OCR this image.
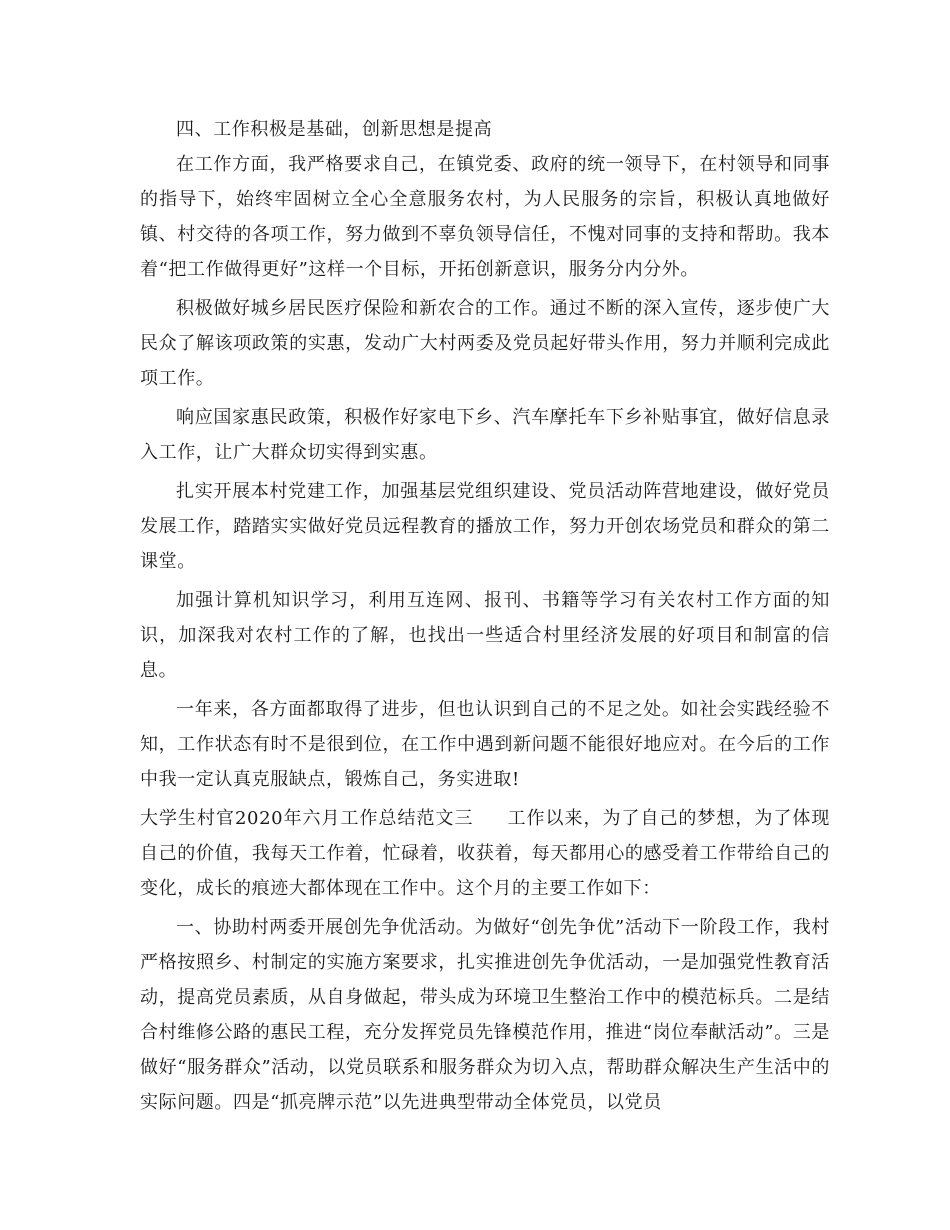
四、工作积极是基础，创新思想是提高

在工作方面，我严格要求自己，在镇党委、政府的统一领导下，在村领导和同事的指导下，始终牢固树立全心全意服务农村，为人民服务的宗旨，积极认真地做好镇、村交待的各项工作，努力做到不辜负领导信任，不愧对同事的支持和帮助。我本着“把工作做得更好”这样一个目标，开拓创新意识，服务分内分外。

积极做好城乡居民医疗保险和新农合的工作。通过不断的深入宣传，逐步使广大民众了解该项政策的实惠，发动广大村两委及党员起好带头作用，努力并顺利完成此项工作。

响应国家惠民政策，积极作好家电下乡、汽车摩托车下乡补贴事宜，做好信息录入工作，让广大群众切实得到实惠。

扎实开展本村党建工作，加强基层党组织建设、党员活动阵营地建设，做好党员发展工作，踏踏实实做好党员远程教育的播放工作，努力开创农场党员和群众的第二课堂。

加强计算机知识学习，利用互连网、报刊、书籍等学习有关农村工作方面的知识，加深我对农村工作的了解，也找出一些适合村里经济发展的好项目和制富的信息。

一年来，各方面都取得了进步，但也认识到自己的不足之处。如社会实践经验不知，工作状态有时不是很到位，在工作中遇到新问题不能很好地应对。在今后的工作中我一定认真克服缺点，锻炼自己，务实进取!

大学生村官2020年六月工作总结范文三 工作以来，为了自己的梦想，为了体现自己的价值，我每天工作着，忙碌着，收获着，每天都用心的感受着工作带给自己的变化，成长的痕迹大都体现在工作中。这个月的主要工作如下：

一、协助村两委开展创先争优活动。为做好“创先争优”活动下一阶段工作，我村严格按照乡、村制定的实施方案要求，扎实推进创先争优活动，一是加强党性教育活动，提高党员素质，从自身做起，带头成为环境卫生整治工作中的模范标兵。二是结合村维修公路的惠民工程，充分发挥党员先锋模范作用，推进“岗位奉献活动”。三是做好“服务群众”活动，以党员联系和服务群众为切入点，帮助群众解决生产生活中的实际问题。四是“抓亮牌示范”以先进典型带动全体党员，以党员
